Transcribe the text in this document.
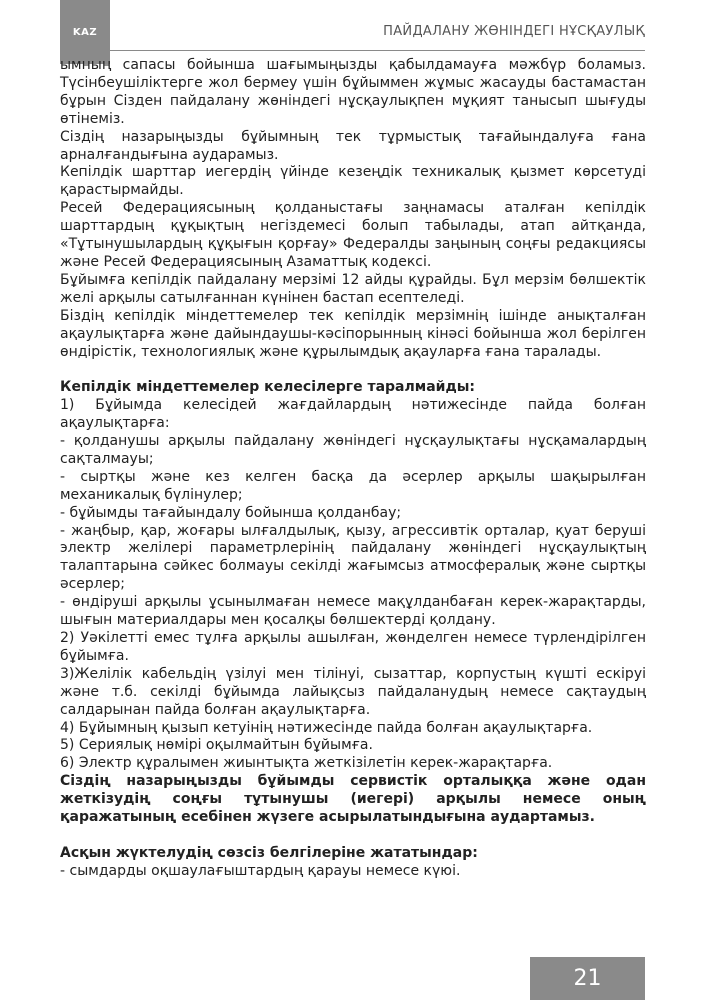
KAZ	ПАЙДАЛАНУ ЖӨНІНДЕГІ НҰСҚАУЛЫҚ

ымның сапасы бойынша шағымыңызды қабылдамауға мәжбүр боламыз. Түсінбеушіліктерге жол бермеу үшін бұйыммен жұмыс жасауды бастамастан бұрын Сізден пайдалану жөніндегі нұсқаулықпен мұқият танысып шығуды өтінеміз.

Сіздің назарыңызды бұйымның тек тұрмыстық тағайындалуға ғана арналғандығына аударамыз.

Кепілдік шарттар иегердің үйінде кезеңдік техникалық қызмет көрсетуді қарастырмайды.

Ресей Федерациясының қолданыстағы заңнамасы аталған кепілдік шарттардың құқықтың негіздемесі болып табылады, атап айтқанда, «Тұтынушылардың құқығын қорғау» Федералды заңының соңғы редакциясы және Ресей Федерациясының Азаматтық кодексі.

Бұйымға кепілдік пайдалану мерзімі 12 айды құрайды. Бұл мерзім бөлшектік желі арқылы сатылғаннан күнінен бастап есептеледі.

Біздің кепілдік міндеттемелер тек кепілдік мерзімнің ішінде анықталған ақаулықтарға және дайындаушы-кәсіпорынның кінәсі бойынша жол берілген өндірістік, технологиялық және құрылымдық ақауларға ғана таралады.

Кепілдік міндеттемелер келесілерге таралмайды:

1) Бұйымда келесідей жағдайлардың нәтижесінде пайда болған ақаулықтарға:

- қолданушы арқылы пайдалану жөніндегі нұсқаулықтағы нұсқамалардың сақталмауы;

- сыртқы және кез келген басқа да әсерлер арқылы шақырылған механикалық бүлінулер;

- бұйымды тағайындалу бойынша қолданбау;

- жаңбыр, қар, жоғары ылғалдылық, қызу, агрессивтік орталар, қуат беруші электр желілері параметрлерінің пайдалану жөніндегі нұсқаулықтың талаптарына сәйкес болмауы секілді жағымсыз атмосфералық және сыртқы әсерлер;

- өндіруші арқылы ұсынылмаған немесе мақұлданбаған керек-жарақтарды, шығын материалдары мен қосалқы бөлшектерді қолдану.

2) Уәкілетті емес тұлға арқылы ашылған, жөнделген немесе түрлендірілген бұйымға.

3)Желілік кабельдің үзілуі мен тілінуі, сызаттар, корпустың күшті ескіруі және т.б. секілді бұйымда лайықсыз пайдаланудың немесе сақтаудың салдарынан пайда болған ақаулықтарға.

4) Бұйымның қызып кетуінің нәтижесінде пайда болған ақаулықтарға.

5) Сериялық нөмірі оқылмайтын бұйымға.

6) Электр құралымен жиынтықта жеткізілетін керек-жарақтарға.

Сіздің назарыңызды бұйымды сервистік орталыққа және одан жеткізудің соңғы тұтынушы (иегері) арқылы немесе оның қаражатының есебінен жүзеге асырылатындығына аудартамыз.

Асқын жүктелудің сөзсіз белгілеріне жататындар:

- сымдарды оқшаулағыштардың қарауы немесе күюі.

21
